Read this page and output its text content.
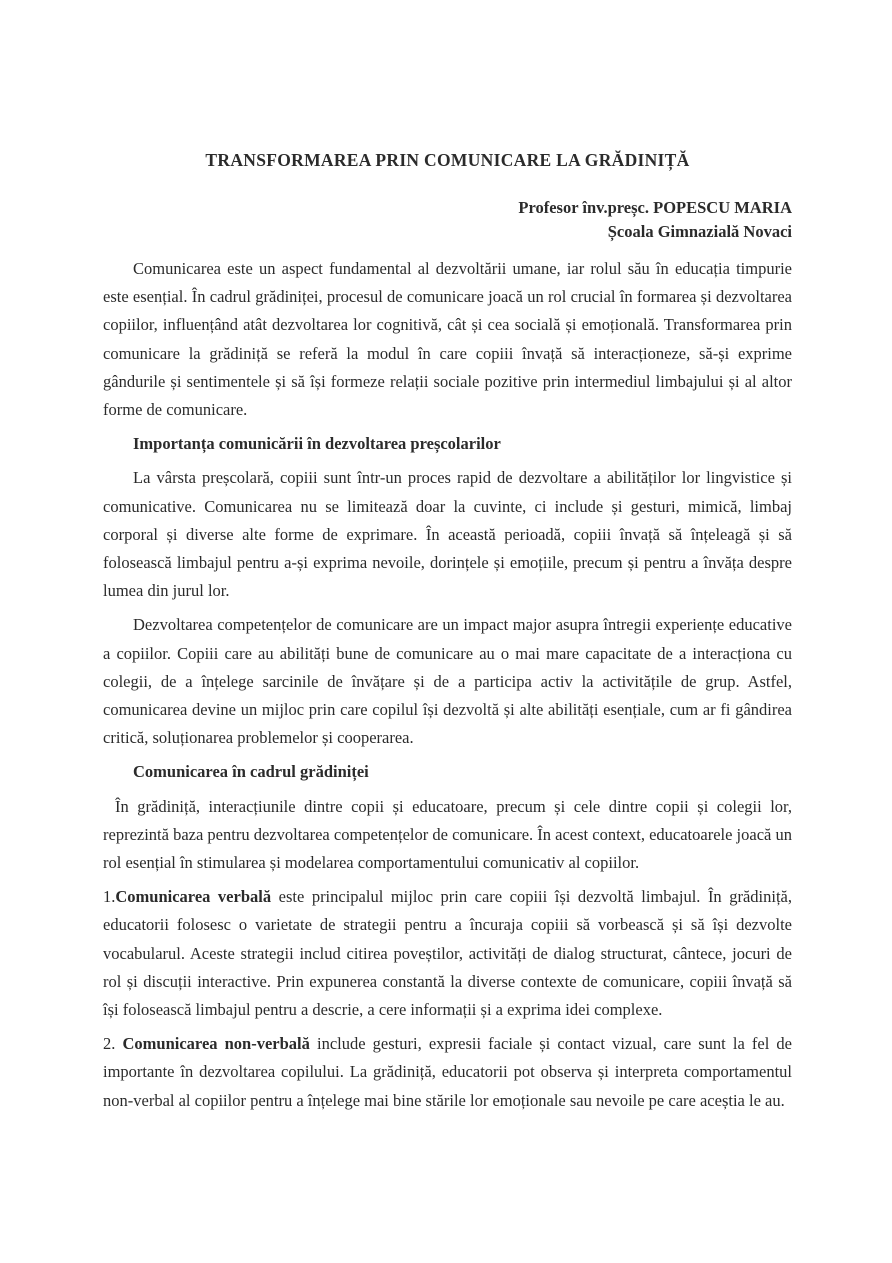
TRANSFORMAREA PRIN COMUNICARE LA GRĂDINIȚĂ
Profesor înv.preșc. POPESCU MARIA
Școala Gimnazială Novaci

Comunicarea este un aspect fundamental al dezvoltării umane, iar rolul său în educația timpurie este esențial. În cadrul grădiniței, procesul de comunicare joacă un rol crucial în formarea și dezvoltarea copiilor, influențând atât dezvoltarea lor cognitivă, cât și cea socială și emoțională. Transformarea prin comunicare la grădiniță se referă la modul în care copiii învață să interacționeze, să-și exprime gândurile și sentimentele și să își formeze relații sociale pozitive prin intermediul limbajului și al altor forme de comunicare.

Importanța comunicării în dezvoltarea preșcolarilor

La vârsta preșcolară, copiii sunt într-un proces rapid de dezvoltare a abilităților lor lingvistice și comunicative. Comunicarea nu se limitează doar la cuvinte, ci include și gesturi, mimică, limbaj corporal și diverse alte forme de exprimare. În această perioadă, copiii învață să înțeleagă și să folosească limbajul pentru a-și exprima nevoile, dorințele și emoțiile, precum și pentru a învăța despre lumea din jurul lor.

Dezvoltarea competențelor de comunicare are un impact major asupra întregii experiențe educative a copiilor. Copiii care au abilități bune de comunicare au o mai mare capacitate de a interacționa cu colegii, de a înțelege sarcinile de învățare și de a participa activ la activitățile de grup. Astfel, comunicarea devine un mijloc prin care copilul își dezvoltă și alte abilități esențiale, cum ar fi gândirea critică, soluționarea problemelor și cooperarea.

Comunicarea în cadrul grădiniței

În grădiniță, interacțiunile dintre copii și educatoare, precum și cele dintre copii și colegii lor, reprezintă baza pentru dezvoltarea competențelor de comunicare. În acest context, educatoarele joacă un rol esențial în stimularea și modelarea comportamentului comunicativ al copiilor.

1.Comunicarea verbală este principalul mijloc prin care copiii își dezvoltă limbajul. În grădiniță, educatorii folosesc o varietate de strategii pentru a încuraja copiii să vorbească și să își dezvolte vocabularul. Aceste strategii includ citirea poveștilor, activități de dialog structurat, cântece, jocuri de rol și discuții interactive. Prin expunerea constantă la diverse contexte de comunicare, copiii învață să își folosească limbajul pentru a descrie, a cere informații și a exprima idei complexe.

2. Comunicarea non-verbală include gesturi, expresii faciale și contact vizual, care sunt la fel de importante în dezvoltarea copilului. La grădiniță, educatorii pot observa și interpreta comportamentul non-verbal al copiilor pentru a înțelege mai bine stările lor emoționale sau nevoile pe care aceștia le au.
